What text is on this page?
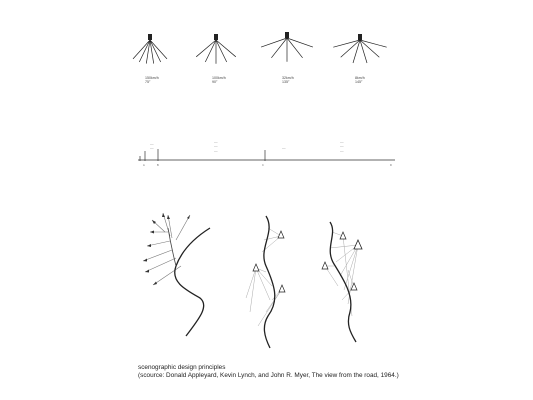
150km/h
75°
100km/h
90°
32km/h
135°
8km/h
145°
—
—
—
—
—
—
—
—
—
A	B	C	D
scenographic design principles
(scource: Donald Appleyard, Kevin Lynch, and John R. Myer, The view from the road, 1964.)
